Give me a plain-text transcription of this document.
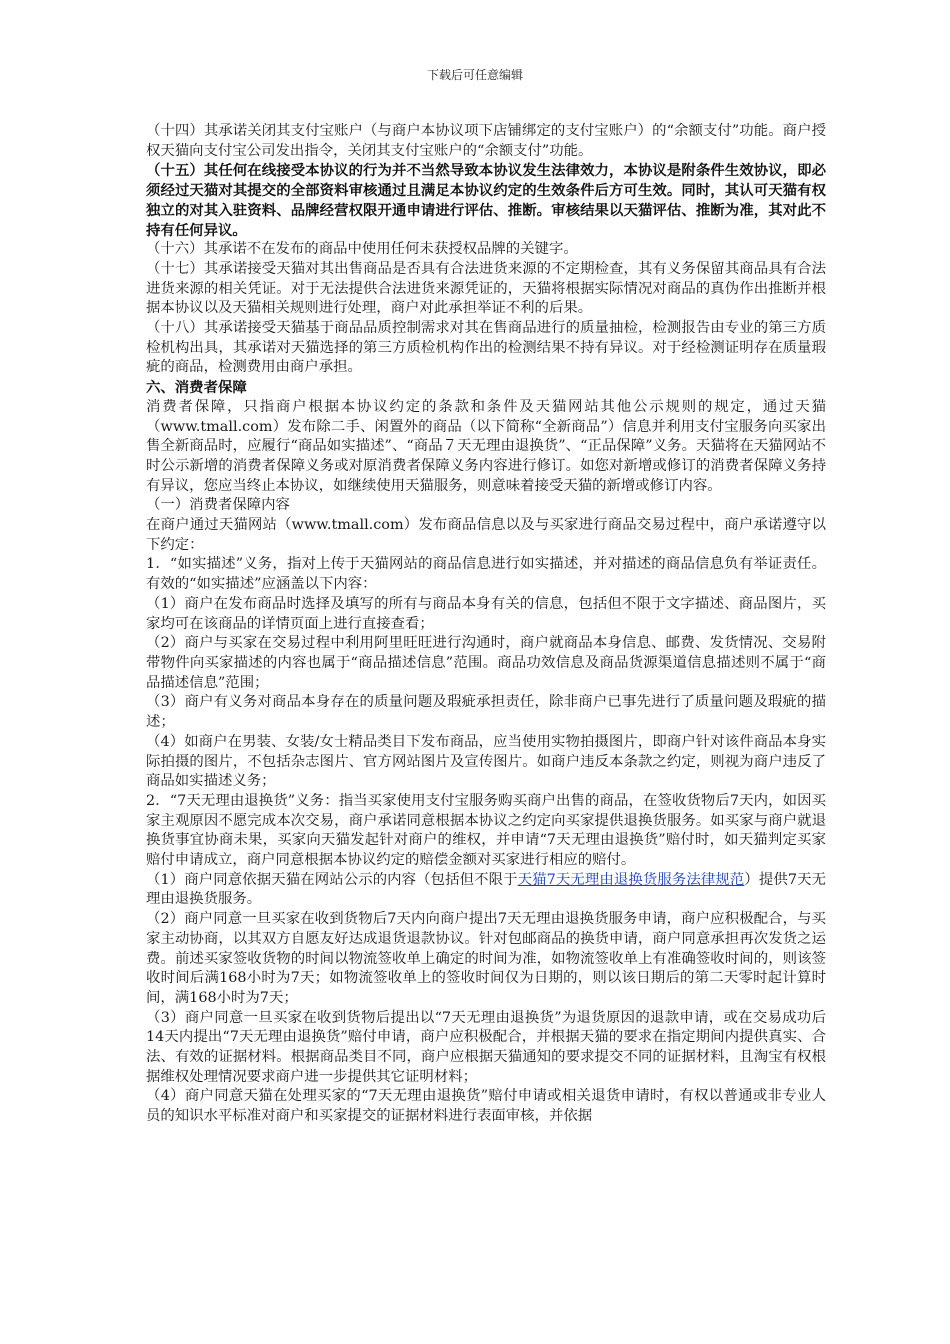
下载后可任意编辑

（十四）其承诺关闭其支付宝账户（与商户本协议项下店铺绑定的支付宝账户）的“余额支付”功能。商户授权天猫向支付宝公司发出指令，关闭其支付宝账户的“余额支付”功能。

（十五）其任何在线接受本协议的行为并不当然导致本协议发生法律效力，本协议是附条件生效协议，即必须经过天猫对其提交的全部资料审核通过且满足本协议约定的生效条件后方可生效。同时，其认可天猫有权独立的对其入驻资料、品牌经营权限开通申请进行评估、推断。审核结果以天猫评估、推断为准，其对此不持有任何异议。

（十六）其承诺不在发布的商品中使用任何未获授权品牌的关键字。

（十七）其承诺接受天猫对其出售商品是否具有合法进货来源的不定期检查，其有义务保留其商品具有合法进货来源的相关凭证。对于无法提供合法进货来源凭证的，天猫将根据实际情况对商品的真伪作出推断并根据本协议以及天猫相关规则进行处理，商户对此承担举证不利的后果。

（十八）其承诺接受天猫基于商品品质控制需求对其在售商品进行的质量抽检，检测报告由专业的第三方质检机构出具，其承诺对天猫选择的第三方质检机构作出的检测结果不持有异议。对于经检测证明存在质量瑕疵的商品，检测费用由商户承担。

六、消费者保障

消费者保障，只指商户根据本协议约定的条款和条件及天猫网站其他公示规则的规定，通过天猫（www.tmall.com）发布除二手、闲置外的商品（以下简称“全新商品”）信息并利用支付宝服务向买家出售全新商品时，应履行“商品如实描述”、“商品７天无理由退换货”、“正品保障”义务。天猫将在天猫网站不时公示新增的消费者保障义务或对原消费者保障义务内容进行修订。如您对新增或修订的消费者保障义务持有异议，您应当终止本协议，如继续使用天猫服务，则意味着接受天猫的新增或修订内容。

（一）消费者保障内容

在商户通过天猫网站（www.tmall.com）发布商品信息以及与买家进行商品交易过程中，商户承诺遵守以下约定：

1．“如实描述”义务，指对上传于天猫网站的商品信息进行如实描述，并对描述的商品信息负有举证责任。有效的“如实描述”应涵盖以下内容：

（1）商户在发布商品时选择及填写的所有与商品本身有关的信息，包括但不限于文字描述、商品图片，买家均可在该商品的详情页面上进行直接查看；

（2）商户与买家在交易过程中利用阿里旺旺进行沟通时，商户就商品本身信息、邮费、发货情况、交易附带物件向买家描述的内容也属于“商品描述信息”范围。商品功效信息及商品货源渠道信息描述则不属于“商品描述信息”范围；

（3）商户有义务对商品本身存在的质量问题及瑕疵承担责任，除非商户已事先进行了质量问题及瑕疵的描述；

（4）如商户在男装、女装/女士精品类目下发布商品，应当使用实物拍摄图片，即商户针对该件商品本身实际拍摄的图片，不包括杂志图片、官方网站图片及宣传图片。如商户违反本条款之约定，则视为商户违反了商品如实描述义务；

2．“7天无理由退换货”义务：指当买家使用支付宝服务购买商户出售的商品，在签收货物后7天内，如因买家主观原因不愿完成本次交易，商户承诺同意根据本协议之约定向买家提供退换货服务。如买家与商户就退换货事宜协商未果，买家向天猫发起针对商户的维权，并申请“7天无理由退换货”赔付时，如天猫判定买家赔付申请成立，商户同意根据本协议约定的赔偿金额对买家进行相应的赔付。

（1）商户同意依据天猫在网站公示的内容（包括但不限于天猫7天无理由退换货服务法律规范）提供7天无理由退换货服务。

（2）商户同意一旦买家在收到货物后7天内向商户提出7天无理由退换货服务申请，商户应积极配合，与买家主动协商，以其双方自愿友好达成退货退款协议。针对包邮商品的换货申请，商户同意承担再次发货之运费。前述买家签收货物的时间以物流签收单上确定的时间为准，如物流签收单上有准确签收时间的，则该签收时间后满168小时为7天；如物流签收单上的签收时间仅为日期的，则以该日期后的第二天零时起计算时间，满168小时为7天；

（3）商户同意一旦买家在收到货物后提出以“7天无理由退换货”为退货原因的退款申请，或在交易成功后14天内提出“7天无理由退换货”赔付申请，商户应积极配合，并根据天猫的要求在指定期间内提供真实、合法、有效的证据材料。根据商品类目不同，商户应根据天猫通知的要求提交不同的证据材料，且淘宝有权根据维权处理情况要求商户进一步提供其它证明材料；

（4）商户同意天猫在处理买家的“7天无理由退换货”赔付申请或相关退货申请时，有权以普通或非专业人员的知识水平标准对商户和买家提交的证据材料进行表面审核，并依据
